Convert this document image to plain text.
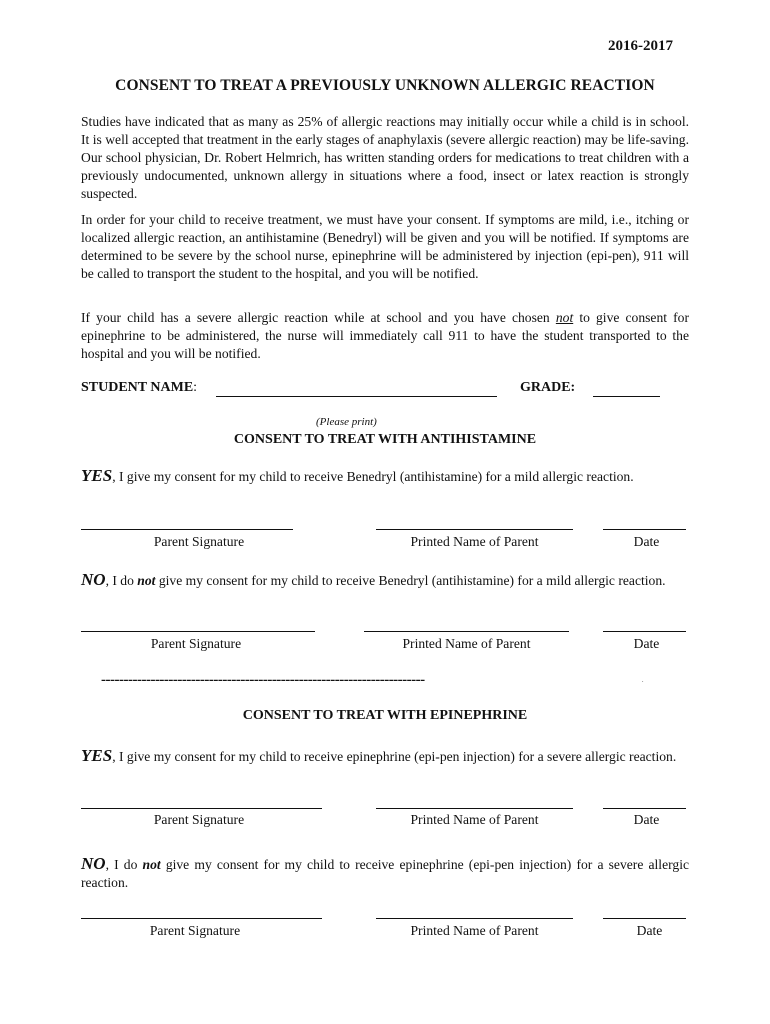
2016-2017
CONSENT TO TREAT A PREVIOUSLY UNKNOWN ALLERGIC REACTION
Studies have indicated that as many as 25% of allergic reactions may initially occur while a child is in school. It is well accepted that treatment in the early stages of anaphylaxis (severe allergic reaction) may be life-saving. Our school physician, Dr. Robert Helmrich, has written standing orders for medications to treat children with a previously undocumented, unknown allergy in situations where a food, insect or latex reaction is strongly suspected.
In order for your child to receive treatment, we must have your consent. If symptoms are mild, i.e., itching or localized allergic reaction, an antihistamine (Benedryl) will be given and you will be notified. If symptoms are determined to be severe by the school nurse, epinephrine will be administered by injection (epi-pen), 911 will be called to transport the student to the hospital, and you will be notified.
If your child has a severe allergic reaction while at school and you have chosen not to give consent for epinephrine to be administered, the nurse will immediately call 911 to have the student transported to the hospital and you will be notified.
STUDENT NAME:	GRADE:
(Please print)
CONSENT TO TREAT WITH ANTIHISTAMINE
YES, I give my consent for my child to receive Benedryl (antihistamine) for a mild allergic reaction.
Parent Signature	Printed Name of Parent	Date
NO, I do not give my consent for my child to receive Benedryl (antihistamine) for a mild allergic reaction.
Parent Signature	Printed Name of Parent	Date
------------------------------------------------------------------------	.
CONSENT TO TREAT WITH EPINEPHRINE
YES, I give my consent for my child to receive epinephrine (epi-pen injection) for a severe allergic reaction.
Parent Signature	Printed Name of Parent	Date
NO, I do not give my consent for my child to receive epinephrine (epi-pen injection) for a severe allergic reaction.
Parent Signature	Printed Name of Parent	Date
